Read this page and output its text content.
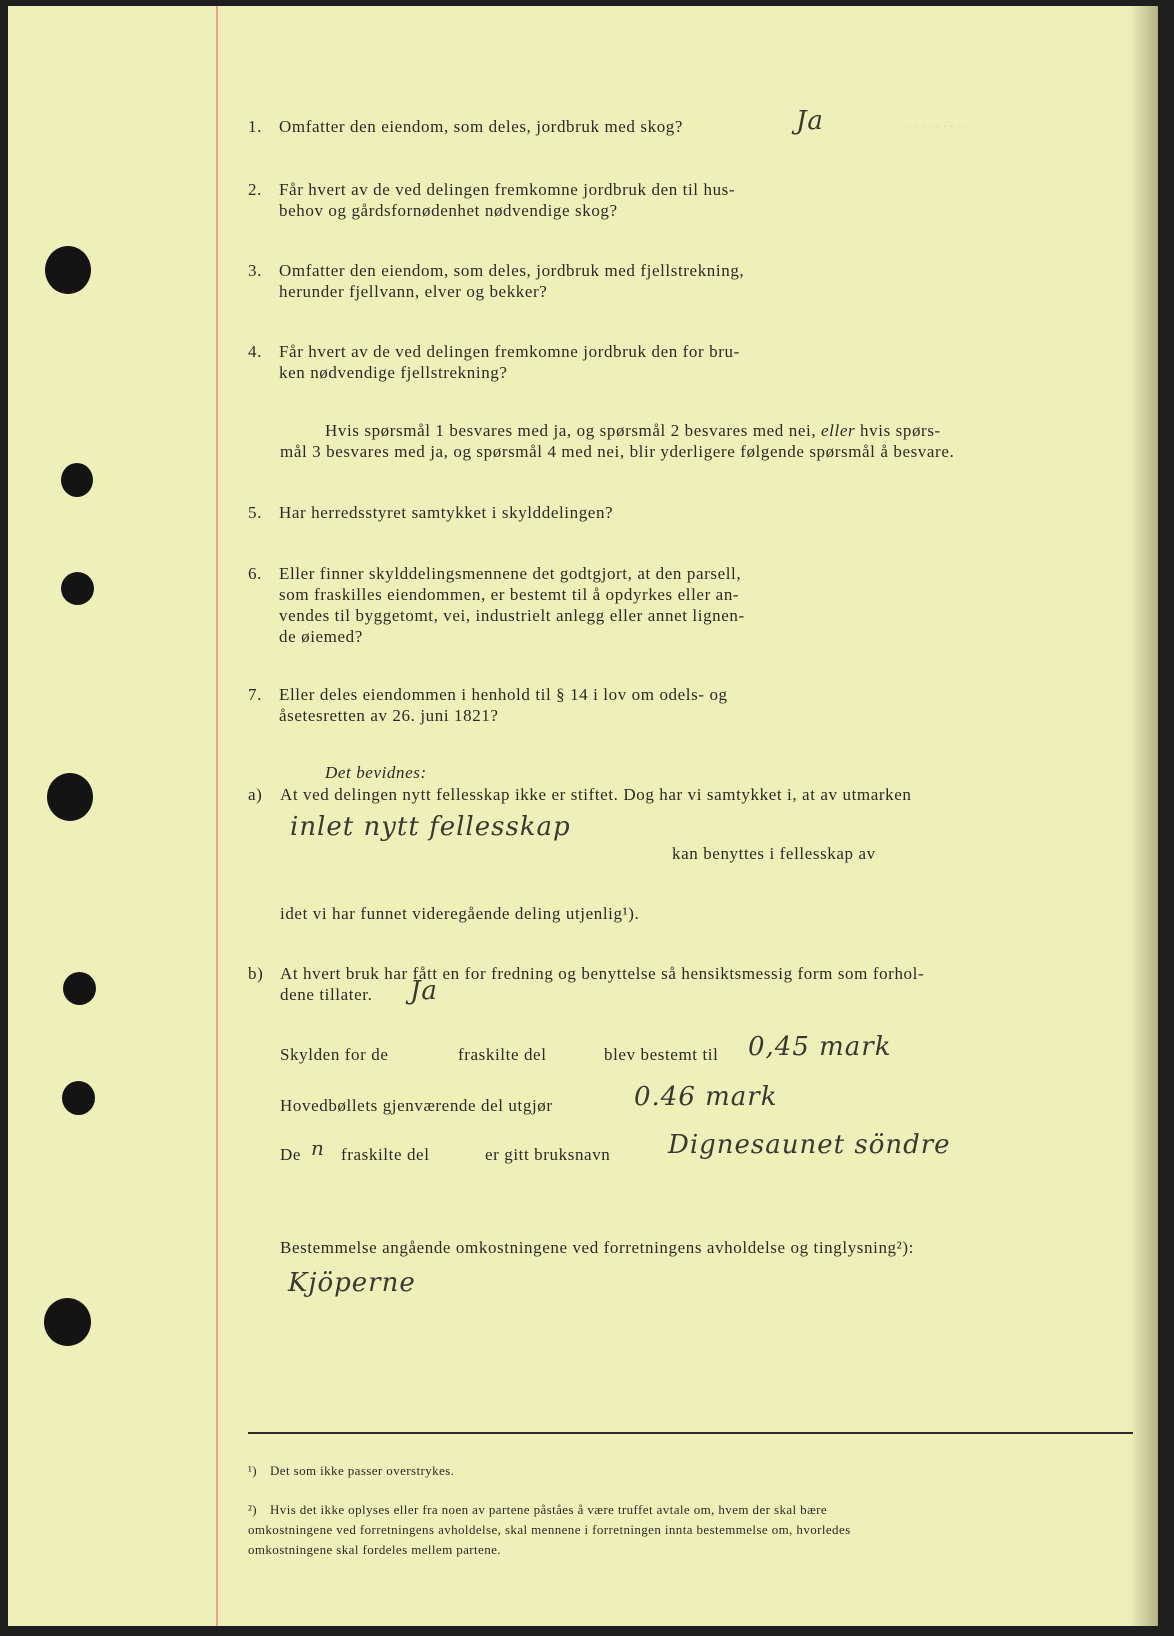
. . . . . . . . .
1. Omfatter den eiendom, som deles, jordbruk med skog?	Ja
2. Får hvert av de ved delingen fremkomne jordbruk den til hus-
behov og gårdsfornødenhet nødvendige skog?
3. Omfatter den eiendom, som deles, jordbruk med fjellstrekning,
herunder fjellvann, elver og bekker?
4. Får hvert av de ved delingen fremkomne jordbruk den for bru-
ken nødvendige fjellstrekning?
Hvis spørsmål 1 besvares med ja, og spørsmål 2 besvares med nei, eller hvis spørs-
mål 3 besvares med ja, og spørsmål 4 med nei, blir yderligere følgende spørsmål å besvare.
5. Har herredsstyret samtykket i skylddelingen?
6. Eller finner skylddelingsmennene det godtgjort, at den parsell,
som fraskilles eiendommen, er bestemt til å opdyrkes eller an-
vendes til byggetomt, vei, industrielt anlegg eller annet lignen-
de øiemed?
7. Eller deles eiendommen i henhold til § 14 i lov om odels- og
åsetesretten av 26. juni 1821?
Det bevidnes:
a) At ved delingen nytt fellesskap ikke er stiftet. Dog har vi samtykket i, at av utmarken
inlet nytt fellesskap
kan benyttes i fellesskap av
idet vi har funnet videregående deling utjenlig¹).
b) At hvert bruk har fått en for fredning og benyttelse så hensiktsmessig form som forhol-
dene tillater. Ja
Skylden for de	fraskilte del	blev bestemt til 0,45 mark
Hovedbøllets gjenværende del utgjør	0.46 mark
De n fraskilte del	er gitt bruksnavn Dignesaunet söndre
Bestemmelse angående omkostningene ved forretningens avholdelse og tinglysning²):
Kjöperne
¹) Det som ikke passer overstrykes.
²) Hvis det ikke oplyses eller fra noen av partene påståes å være truffet avtale om, hvem der skal bære
omkostningene ved forretningens avholdelse, skal mennene i forretningen innta bestemmelse om, hvorledes
omkostningene skal fordeles mellem partene.
